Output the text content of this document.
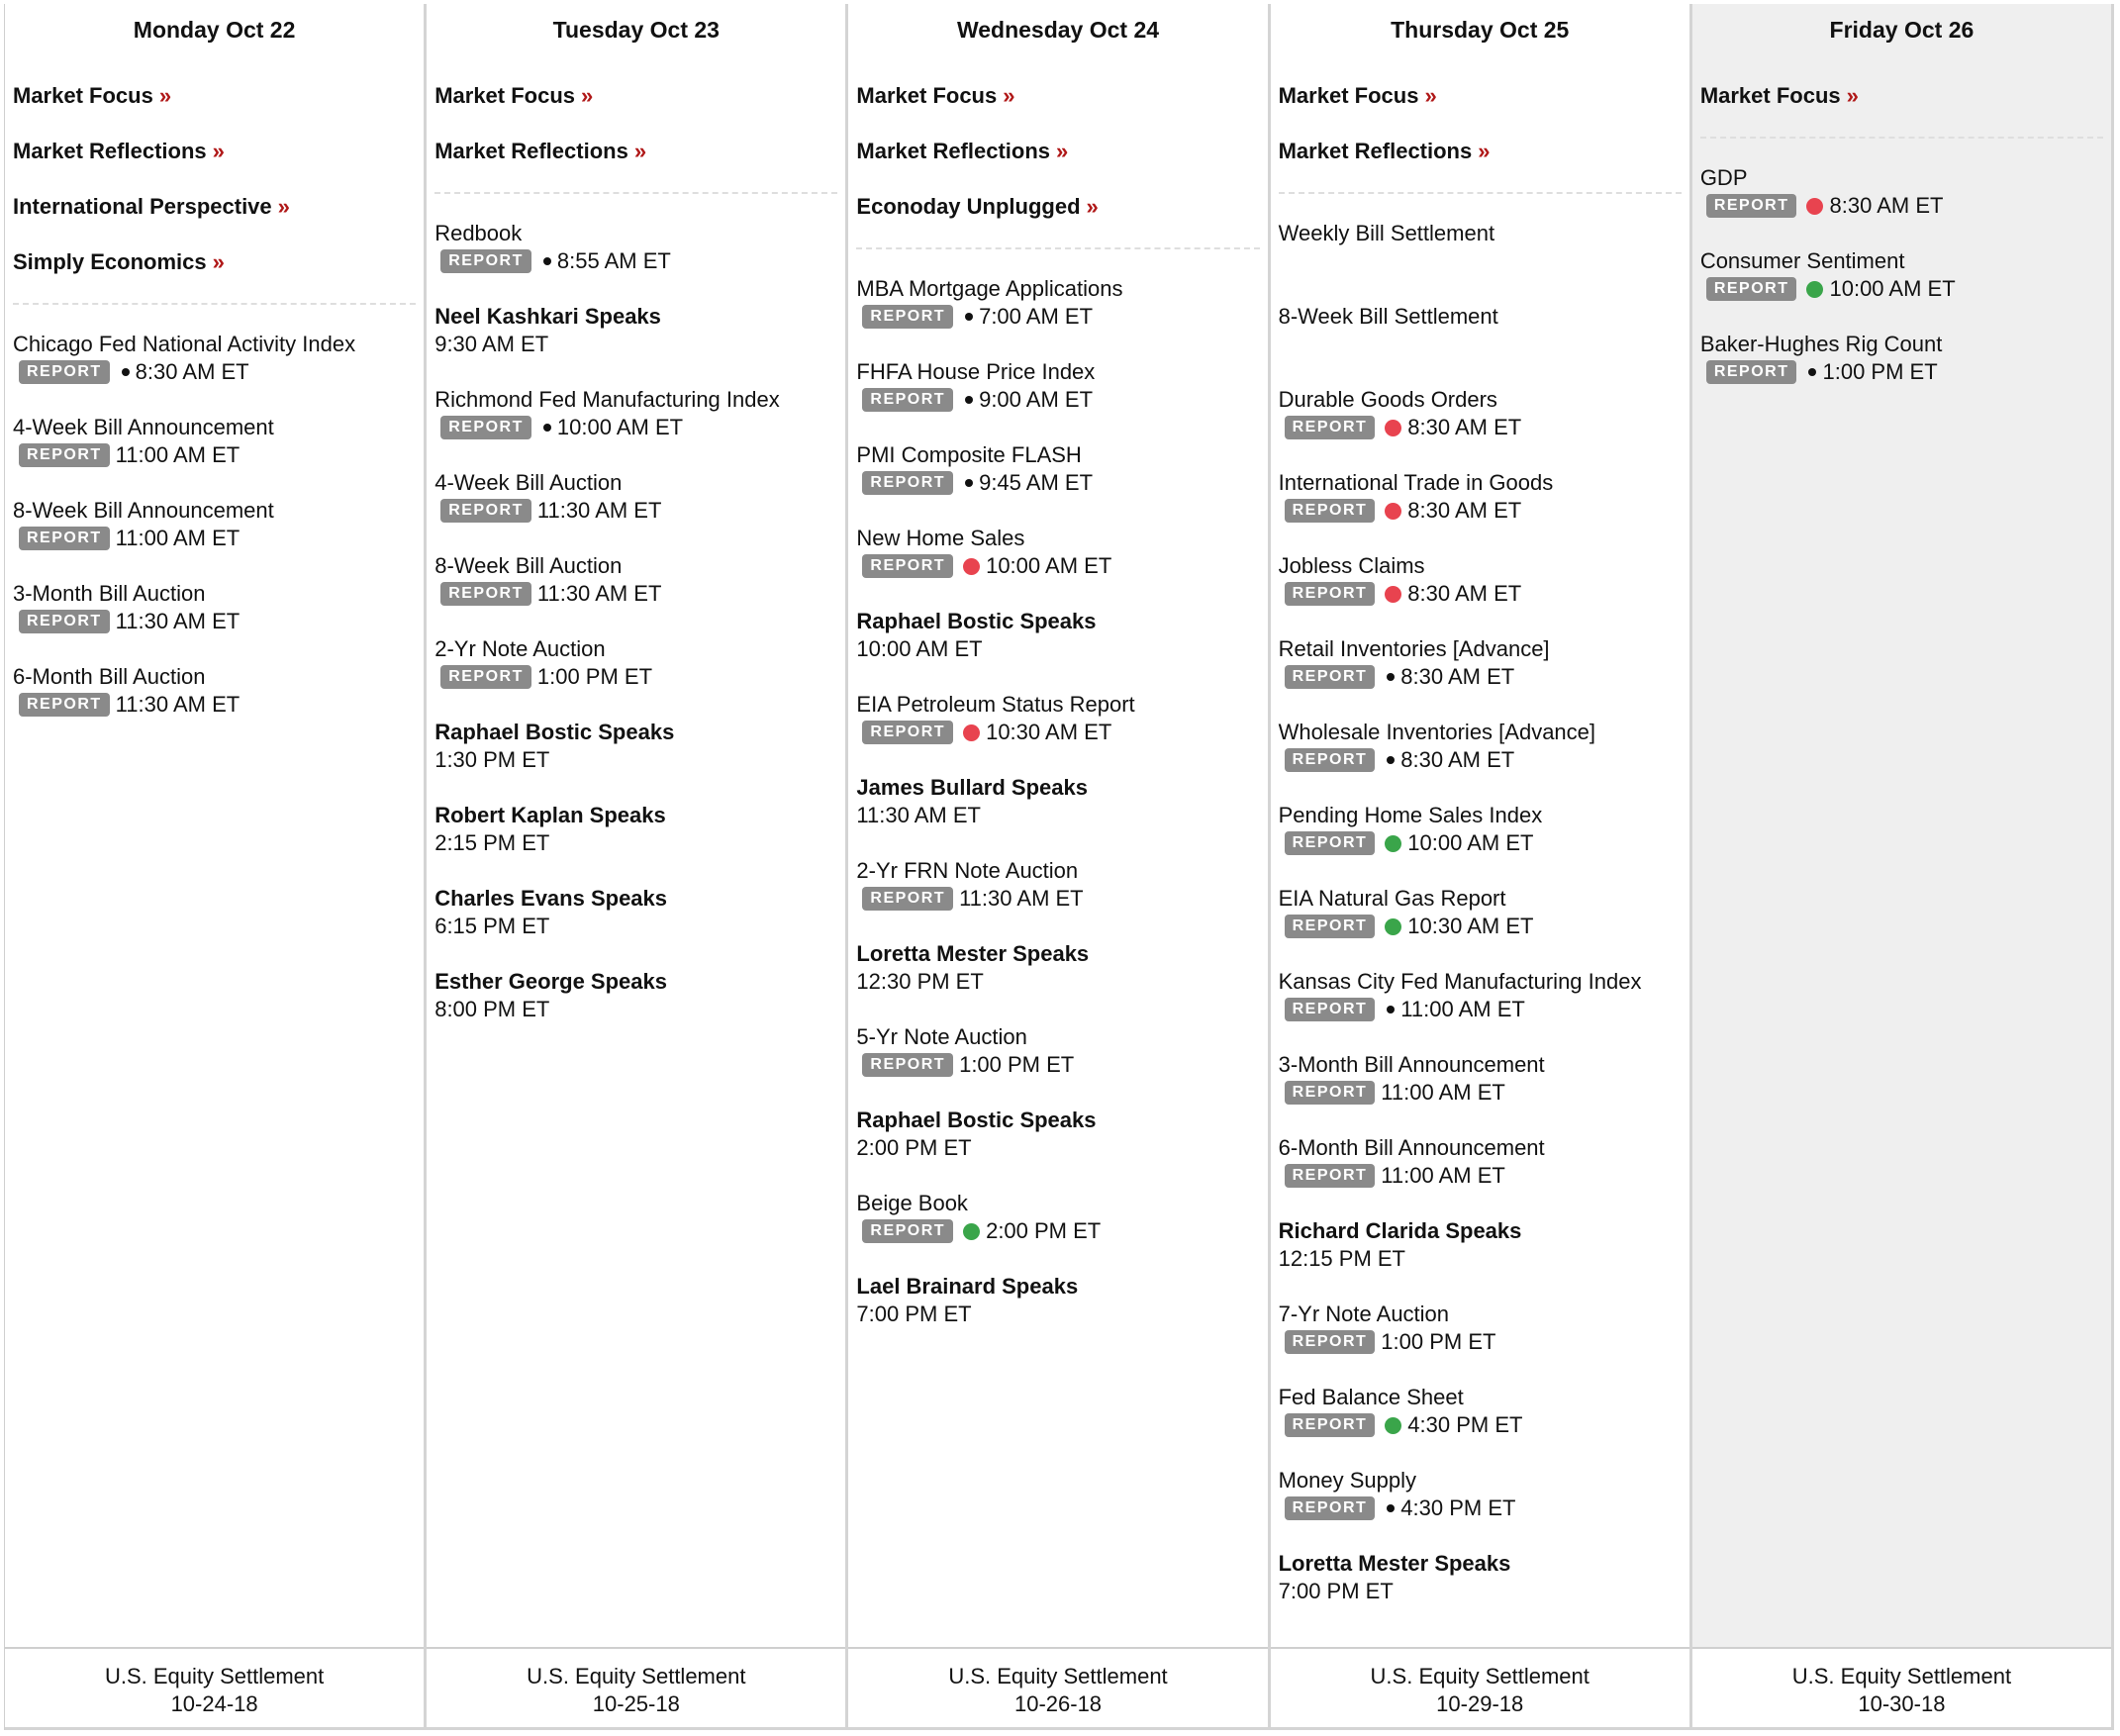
Monday Oct 22
Market Focus »
Market Reflections »
International Perspective »
Simply Economics »
Chicago Fed National Activity Index
REPORT	8:30 AM ET
4-Week Bill Announcement
REPORT 11:00 AM ET
8-Week Bill Announcement
REPORT 11:00 AM ET
3-Month Bill Auction
REPORT 11:30 AM ET
6-Month Bill Auction
REPORT 11:30 AM ET
U.S. Equity Settlement
10-24-18
Tuesday Oct 23
Market Focus »
Market Reflections »
Redbook
REPORT	8:55 AM ET
Neel Kashkari Speaks
9:30 AM ET
Richmond Fed Manufacturing Index
REPORT	10:00 AM ET
4-Week Bill Auction
REPORT 11:30 AM ET
8-Week Bill Auction
REPORT 11:30 AM ET
2-Yr Note Auction
REPORT 1:00 PM ET
Raphael Bostic Speaks
1:30 PM ET
Robert Kaplan Speaks
2:15 PM ET
Charles Evans Speaks
6:15 PM ET
Esther George Speaks
8:00 PM ET
U.S. Equity Settlement
10-25-18
Wednesday Oct 24
Market Focus »
Market Reflections »
Econoday Unplugged »
MBA Mortgage Applications
REPORT	7:00 AM ET
FHFA House Price Index
REPORT	9:00 AM ET
PMI Composite FLASH
REPORT	9:45 AM ET
New Home Sales
REPORT	10:00 AM ET
Raphael Bostic Speaks
10:00 AM ET
EIA Petroleum Status Report
REPORT	10:30 AM ET
James Bullard Speaks
11:30 AM ET
2-Yr FRN Note Auction
REPORT 11:30 AM ET
Loretta Mester Speaks
12:30 PM ET
5-Yr Note Auction
REPORT 1:00 PM ET
Raphael Bostic Speaks
2:00 PM ET
Beige Book
REPORT	2:00 PM ET
Lael Brainard Speaks
7:00 PM ET
U.S. Equity Settlement
10-26-18
Thursday Oct 25
Market Focus »
Market Reflections »
Weekly Bill Settlement
8-Week Bill Settlement
Durable Goods Orders
REPORT	8:30 AM ET
International Trade in Goods
REPORT	8:30 AM ET
Jobless Claims
REPORT	8:30 AM ET
Retail Inventories [Advance]
REPORT	8:30 AM ET
Wholesale Inventories [Advance]
REPORT	8:30 AM ET
Pending Home Sales Index
REPORT	10:00 AM ET
EIA Natural Gas Report
REPORT	10:30 AM ET
Kansas City Fed Manufacturing Index
REPORT	11:00 AM ET
3-Month Bill Announcement
REPORT 11:00 AM ET
6-Month Bill Announcement
REPORT 11:00 AM ET
Richard Clarida Speaks
12:15 PM ET
7-Yr Note Auction
REPORT 1:00 PM ET
Fed Balance Sheet
REPORT	4:30 PM ET
Money Supply
REPORT	4:30 PM ET
Loretta Mester Speaks
7:00 PM ET
U.S. Equity Settlement
10-29-18
Friday Oct 26
Market Focus »
GDP
REPORT	8:30 AM ET
Consumer Sentiment
REPORT	10:00 AM ET
Baker-Hughes Rig Count
REPORT	1:00 PM ET
U.S. Equity Settlement
10-30-18
